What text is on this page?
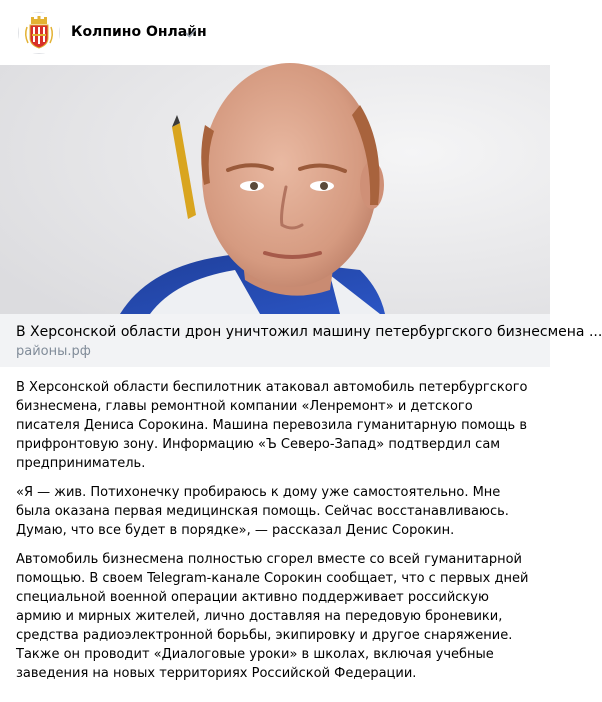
Колпино Онлайн
В Херсонской области дрон уничтожил машину петербургского бизнесмена ...
районы.рф

В Херсонской области беспилотник атаковал автомобиль петербургского бизнесмена, главы ремонтной компании «Ленремонт» и детского писателя Дениса Сорокина. Машина перевозила гуманитарную помощь в прифронтовую зону. Информацию «Ъ Северо-Запад» подтвердил сам предприниматель.

«Я — жив. Потихонечку пробираюсь к дому уже самостоятельно. Мне была оказана первая медицинская помощь. Сейчас восстанавливаюсь. Думаю, что все будет в порядке», — рассказал Денис Сорокин.

Автомобиль бизнесмена полностью сгорел вместе со всей гуманитарной помощью. В своем Telegram-канале Сорокин сообщает, что с первых дней специальной военной операции активно поддерживает российскую армию и мирных жителей, лично доставляя на передовую броневики, средства радиоэлектронной борьбы, экипировку и другое снаряжение. Также он проводит «Диалоговые уроки» в школах, включая учебные заведения на новых территориях Российской Федерации.
